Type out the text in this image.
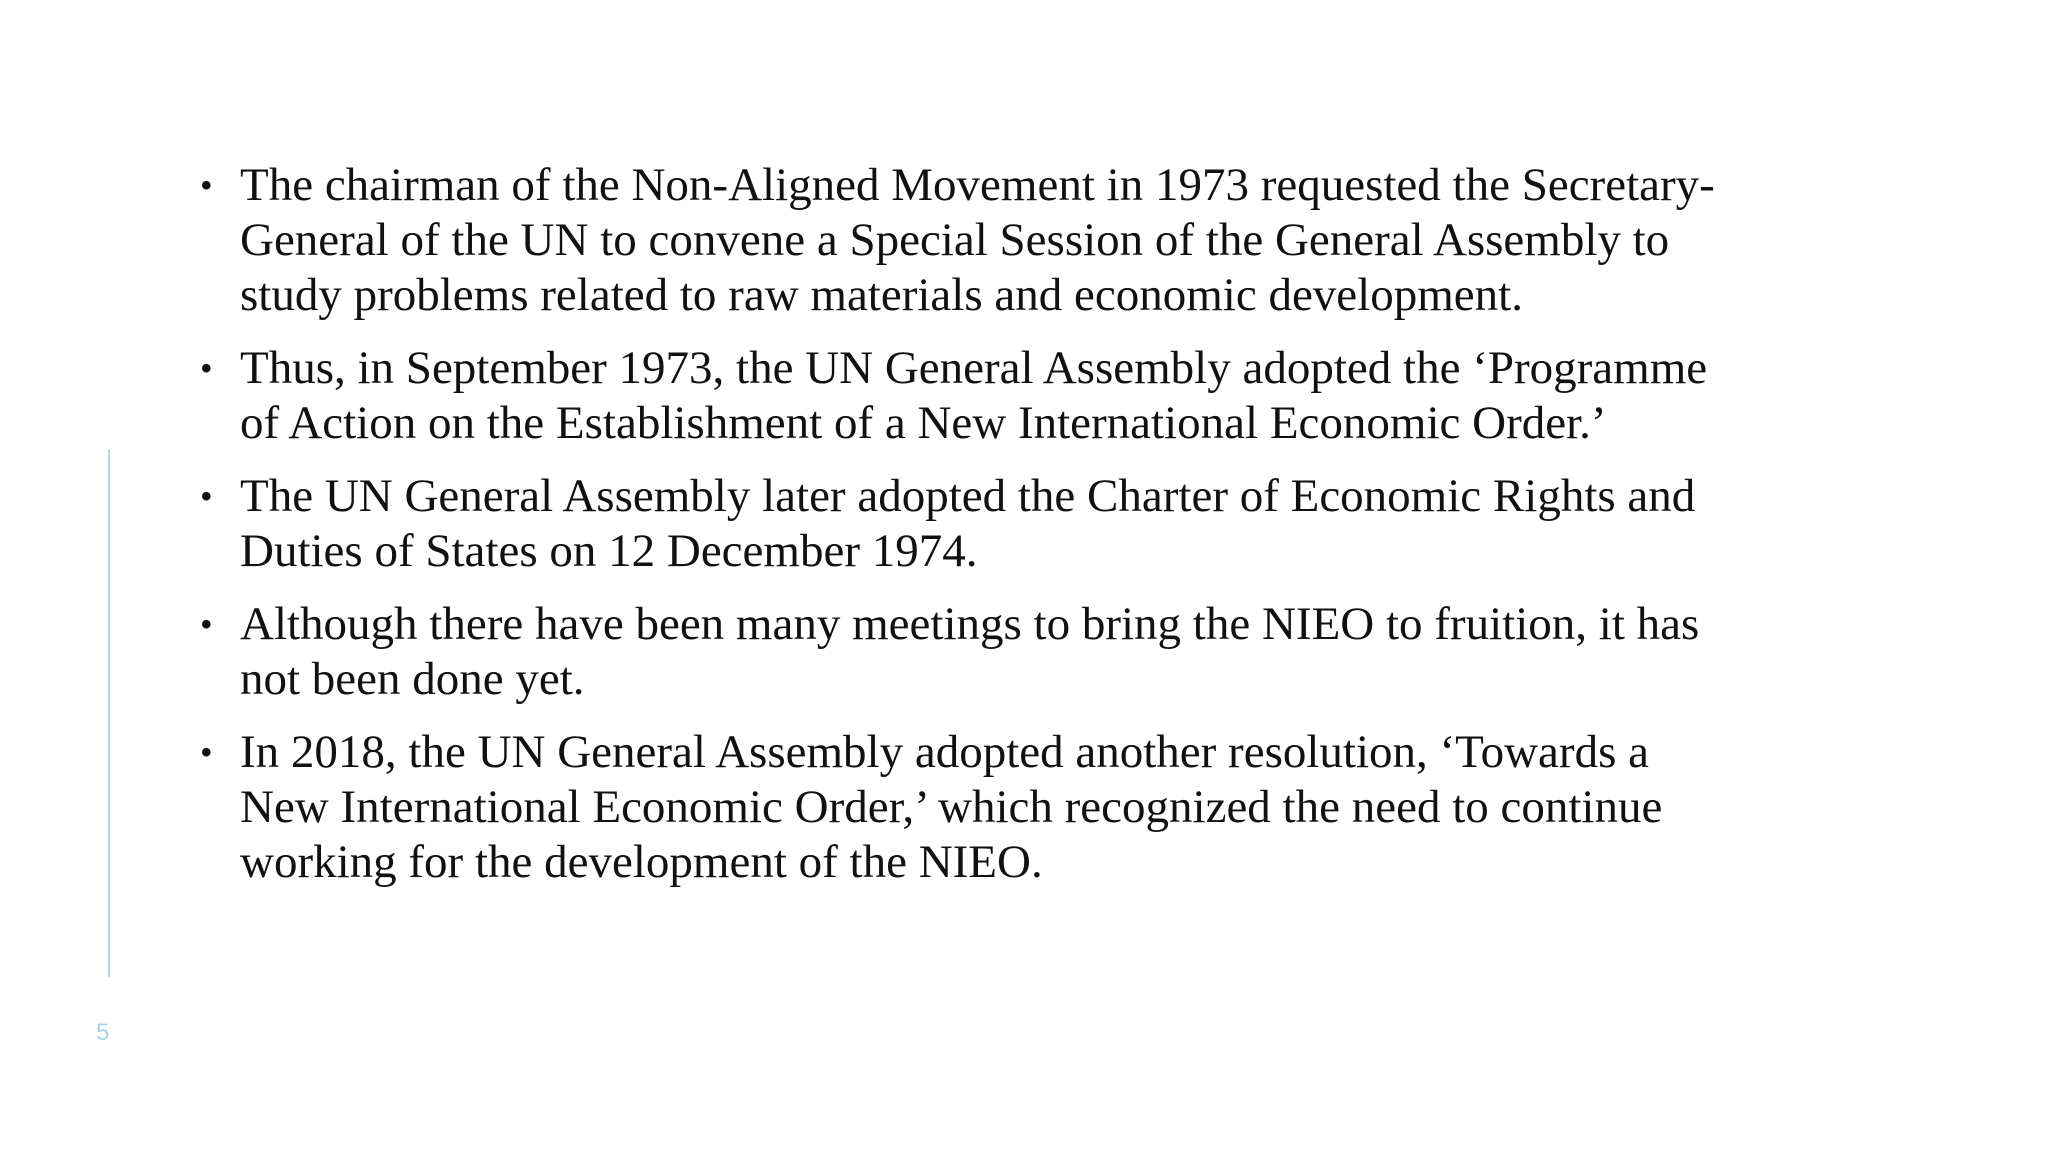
• The chairman of the Non-Aligned Movement in 1973 requested the Secretary-
General of the UN to convene a Special Session of the General Assembly to
study problems related to raw materials and economic development.
• Thus, in September 1973, the UN General Assembly adopted the ‘Programme
of Action on the Establishment of a New International Economic Order.’
• The UN General Assembly later adopted the Charter of Economic Rights and
Duties of States on 12 December 1974.
• Although there have been many meetings to bring the NIEO to fruition, it has
not been done yet.
• In 2018, the UN General Assembly adopted another resolution, ‘Towards a
New International Economic Order,’ which recognized the need to continue
working for the development of the NIEO.
5
